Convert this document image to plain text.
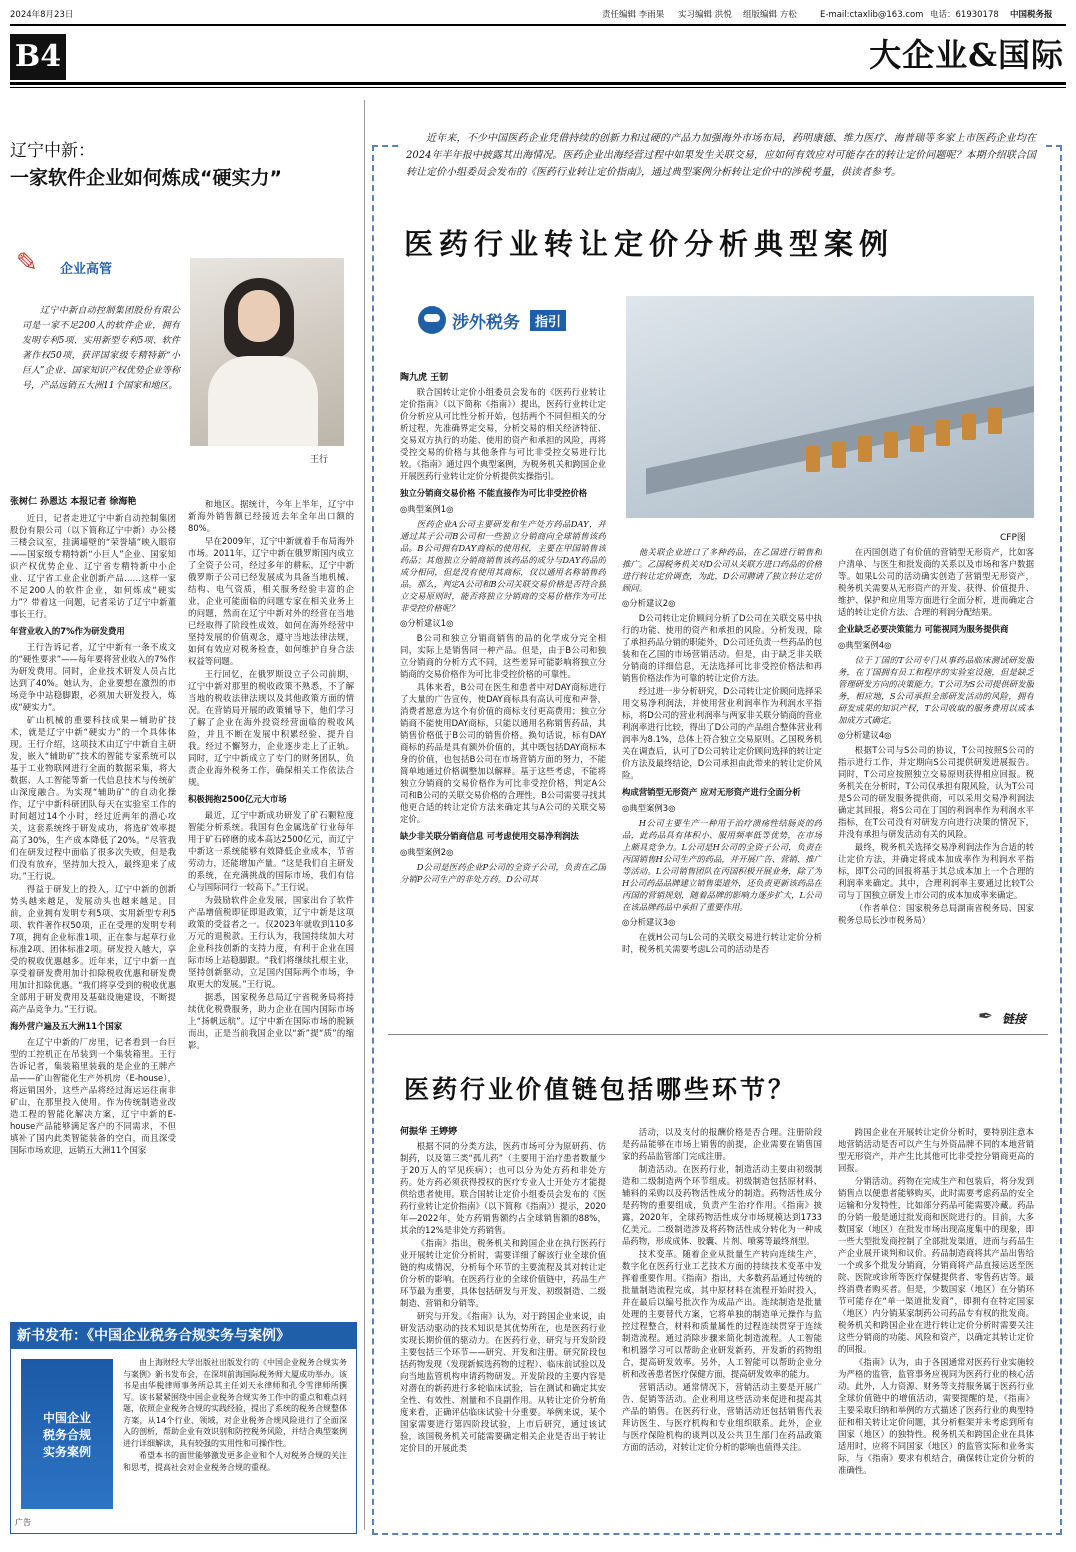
2024年8月23日	责任编辑 李雨果 实习编辑 洪悦 组版编辑 方松	E-mail:ctaxlib@163.com 电话：61930178 中国税务报
B4	大企业&国际
辽宁中新：
一家软件企业如何炼成“硬实力”
✎ 企业高管
辽宁中新自动控制集团股份有限公司是一家不足200人的软件企业，拥有发明专利5项、实用新型专利5项、软件著作权50项，获评国家级专精特新“小巨人”企业、国家知识产权优势企业等称号，产品远销五大洲11个国家和地区。
王行
张树仁 孙恩达 本报记者 徐海艳

近日，记者走进辽宁中新自动控制集团股份有限公司（以下简称辽宁中新）办公楼三楼会议室，挂满墙壁的“荣誉墙”映入眼帘——国家级专精特新“小巨人”企业、国家知识产权优势企业、辽宁省专精特新中小企业、辽宁省工业企业创新产品……这样一家不足200人的软件企业，如何炼成“硬实力”？带着这一问题，记者采访了辽宁中新董事长王行。

年营业收入的7%作为研发费用

王行告诉记者，辽宁中新有一条不成文的“硬性要求”——每年要将营业收入的7%作为研发费用。同时，企业技术研发人员占比达到了40%。她认为，企业要想在激烈的市场竞争中站稳脚跟，必须加大研发投入，炼成“硬实力”。

矿山机械的重要科技成果—辅助矿技术，就是辽宁中新“硬实力”的一个具体体现。王行介绍，这项技术由辽宁中新自主研发，嵌入“辅助矿”技术的智能专家系统可以基于工业物联网进行全面的数据采集，将大数据、人工智能等新一代信息技术与传统矿山深度融合。为实现“辅助矿”的自动化操作，辽宁中新科研团队每天在实验室工作的时间超过14个小时，经过近两年的潜心攻关，这套系统终于研发成功，将选矿效率提高了30%，生产成本降低了20%。“尽管我们在研发过程中面临了很多次失败，但是我们没有放弃，坚持加大投入，最终迎来了成功。”王行说。

得益于研发上的投入，辽宁中新的创新势头越来越足，发展动头也越来越足。目前，企业拥有发明专利5项、实用新型专利5项、软件著作权50项，正在受理的发明专利7项，拥有企业标准1项，正在参与起草行业标准2项、团体标准2项。研发投入越大，享受的税收优惠越多。近年来，辽宁中新一直享受着研发费用加计扣除税收优惠和研发费用加计扣除优惠。“我们将享受到的税收优惠全部用于研发费用及基础设施建设，不断提高产品竞争力。”王行说。

海外营户遍及五大洲11个国家

在辽宁中新的厂房里，记者看到一台巨型的工控机正在吊装到一个集装箱里。王行告诉记者，集装箱里装载的是企业的王牌产品——矿山智能化生产外机房（E-house），将远销国外，这些产品将经过海运运往南非矿山，在那里投入使用。作为传统制造业改造工程的智能化解决方案，辽宁中新的E-house产品能够满足客户的不同需求，不但填补了国内此类智能装备的空白，而且深受国际市场欢迎，远销五大洲11个国家

和地区。据统计，今年上半年，辽宁中新海外销售额已经接近去年全年出口额的80%。

早在2009年，辽宁中新就着手布局海外市场。2011年，辽宁中新在俄罗斯国内成立了全资子公司，经过多年的耕耘，辽宁中新俄罗斯子公司已经发展成为具备当地机械、结构、电气资质，相关服务经验丰富的企业，企业可能面临的问题专家在相关业务上的问题，然而在辽宁中新对外的经营在当地已经取得了阶段性成效，如何在海外经营中坚持发展的价值观念，遵守当地法律法规，如何有效应对税务检查，如何维护自身合法权益等问题。

王行回忆，在俄罗斯设立子公司前期，辽宁中新对那里的税收政策不熟悉，不了解当地的税收法律法规以及其他政策方面的情况。在营销局开展的政策辅导下，他们学习了解了企业在海外投资经营面临的税收风险，并且不断在发展中积累经验、提升自我。经过不懈努力，企业逐步走上了正轨。同时，辽宁中新成立了专门的财务团队，负责企业海外税务工作，确保相关工作依法合规。

积极拥抱2500亿元大市场

最近，辽宁中新成功研发了矿石颗粒度智能分析系统。我国有色金属选矿行业每年用于矿石碎磨的成本高达2500亿元，而辽宁中新这一系统能够有效降低企业成本，节省劳动力，还能增加产量。“这是我们自主研发的系统，在充满挑战的国际市场，我们有信心与国际同行一较高下。”王行说。

为鼓励软件企业发展，国家出台了软件产品增值税即征即退政策，辽宁中新是这项政策的受益者之一。仅2023年就收到110多万元的退税款。王行认为，我国持续加大对企业科技创新的支持力度，有利于企业在国际市场上站稳脚跟。“我们将继续扎根主业，坚持创新驱动，立足国内国际两个市场，争取更大的发展。”王行说。

据悉，国家税务总局辽宁省税务局将持续优化税费服务，助力企业在国内国际市场上“扬帆远航”。辽宁中新在国际市场的脱颖而出，正是当前我国企业以“新”提“质”的缩影。

新书发布：《中国企业税务合规实务与案例》
中国企业
税务合规
实务案例

由上海财经大学出版社出版发行的《中国企业税务合规实务与案例》新书发布会，在深圳前海国际税务师大厦成功举办。该书是由华税律师事务所总其主任刘天永律师和孔令雪律师所撰写。该书紧紧围绕中国企业税务合规实务工作中的重点和难点问题，依照企业税务合规的实践经验，提出了系统的税务合规整体方案，从14个行业、领域，对企业税务合规风险进行了全面深入的剖析，帮助企业有效识别和防控税务风险，并结合典型案例进行详细解读，具有较强的实用性和可操作性。

希望本书的面世能够激发更多企业和个人对税务合规的关注和思考，提高社会对企业税务合规的重视。

广告
近年来，不少中国医药企业凭借持续的创新力和过硬的产品力加强海外市场布局，药明康德、维力医疗、海普瑞等多家上市医药企业均在2024年半年报中披露其出海情况。医药企业出海经营过程中如果发生关联交易，应如何有效应对可能存在的转让定价问题呢？本期介绍联合国转让定价小组委员会发布的《医药行业转让定价指南》，通过典型案例分析转让定价中的涉税考量，供读者参考。
医药行业转让定价分析典型案例
涉外税务	指引
CFP图
陶九虎 王韧

联合国转让定价小组委员会发布的《医药行业转让定价指南》（以下简称《指南》）提出，医药行业转让定价分析应从可比性分析开始，包括两个不同但相关的分析过程，先准确界定交易，分析交易的相关经济特征、交易双方执行的功能、使用的资产和承担的风险，再将受控交易的价格与其他条件与可比非受控交易进行比较。《指南》通过四个典型案例，为税务机关和跨国企业开展医药行业转让定价分析提供实操指引。

独立分销商交易价格 不能直接作为可比非受控价格

◎典型案例1◎

医药企业A公司主要研发和生产处方药品DAY，并通过其子公司B公司和一些独立分销商向全球销售该药品。B公司拥有DAY商标的使用权，主要在甲国销售该药品；其他独立分销商销售该药品的成分与DAY药品的成分相同，但是没有使用其商标，仅以通用名称销售药品。那么，判定A公司和B公司关联交易价格是否符合独立交易原则时，能否将独立分销商的交易价格作为可比非受控价格呢？

◎分析建议1◎

B公司和独立分销商销售的品的化学成分完全相同，实际上是销售同一种产品。但是，由于B公司和独立分销商的分析方式不同，这些差异可能影响将独立分销商的交易价格作为可比非受控价格的可靠性。

具体来看，B公司在医生和患者中对DAY商标进行了大量的广告宣传，使DAY商标具有高认可度和声誉，消费者愿意为这个有价值的商标支付更高费用；独立分销商不能使用DAY商标，只能以通用名称销售药品，其销售价格低于B公司的销售价格。换句话说，标有DAY商标的药品是具有额外价值的，其中既包括DAY商标本身的价值，也包括B公司在市场营销方面的努力，不能简单地通过价格调整加以解释。基于这些考虑，不能将独立分销商的交易价格作为可比非受控价格，判定A公司和B公司的关联交易价格的合理性，B公司需要寻找其他更合适的转让定价方法来确定其与A公司的关联交易定价。

缺少非关联分销商信息 可考虑使用交易净利润法

◎典型案例2◎

D公司是医药企业P公司的全资子公司，负责在乙国分销P公司生产的非处方药。D公司其

他关联企业进口了多种药品，在乙国进行销售和推广。乙国税务机关对D公司从关联方进口药品的价格进行转让定价调查，为此，D公司聘请了独立转让定价顾问。

◎分析建议2◎

D公司转让定价顾问分析了D公司在关联交易中执行的功能、使用的资产和承担的风险。分析发现，除了承担药品分销的职能外，D公司还负责一些药品的包装和在乙国的市场营销活动。但是，由于缺乏非关联分销商的详细信息，无法选择可比非受控价格法和再销售价格法作为可靠的转让定价方法。

经过进一步分析研究，D公司转让定价顾问选择采用交易净利润法，并使用营业利润率作为利润水平指标，将D公司的营业利润率与两家非关联分销商的营业利润率进行比较，得出了D公司的产品组合整体营业利润率为8.1%，总体上符合独立交易原则。乙国税务机关在调查后，认可了D公司转让定价顾问选择的转让定价方法及最终结论，D公司承担由此带来的转让定价风险。

构成营销型无形资产 应对无形资产进行全面分析

◎典型案例3◎

H公司主要生产一种用于治疗溃疡性结肠炎的药品，此药品具有体积小、服用频率低等优势，在市场上颇具竞争力。L公司是H公司的全资子公司，负责在丙国销售H公司生产的药品，并开展广告、营销、推广等活动。L公司销售团队在丙国积极开展业务，除了为H公司药品品牌建立销售渠道外，还负责更新该药品在丙国的营销规划，随着品牌的影响力逐步扩大，L公司在该品牌药品中承担了重要作用。

◎分析建议3◎

在就H公司与L公司的关联交易进行转让定价分析时，税务机关需要考虑L公司的活动是否

在丙国创造了有价值的营销型无形资产，比如客户清单、与医生和批发商的关系以及市场和客户数据等。如果L公司的活动确实创造了营销型无形资产，税务机关需要从无形资产的开发、获得、价值提升、维护、保护和应用等方面进行全面分析，进而确定合适的转让定价方法、合理的利润分配结果。

企业缺乏必要决策能力 可能视同为服务提供商

◎典型案例4◎

位于丁国的T公司专门从事药品临床测试研发服务，在丁国拥有员工和程序的实验室设施，但是缺乏管理研发方向的决策能力。T公司为S公司提供研发服务，相应地，S公司承担全部研发活动的风险，拥有研发成果的知识产权，T公司收取的服务费用以成本加成方式确定。

◎分析建议4◎

根据T公司与S公司的协议，T公司按照S公司的指示进行工作，并定期向S公司提供研发进展报告。同时，T公司应按照独立交易原则获得相应回报。税务机关在分析时，T公司仅承担有限风险，认为T公司是S公司的研发服务提供商，可以采用交易净利润法确定其回报，将S公司在丁国的利润率作为利润水平指标，在T公司没有对研发方向进行决策的情况下，并没有承担与研发活动有关的风险。

最终，税务机关选择交易净利润法作为合适的转让定价方法，并确定将成本加成率作为利润水平指标，即T公司的回报将基于其总成本加上一个合理的利润率来确定。其中，合理利润率主要通过比较T公司与丁国独立研发上市公司的成本加成率来确定。

（作者单位：国家税务总局湖南省税务局、国家税务总局长沙市税务局）

✒ 链接
医药行业价值链包括哪些环节？
何振华 王婷婷

根据不同的分类方法，医药市场可分为原研药、仿制药，以及第三类“孤儿药”（主要用于治疗患者数量少于20万人的罕见疾病）；也可以分为处方药和非处方药。处方药必须获得授权的医疗专业人士开处方才能提供给患者使用。联合国转让定价小组委员会发布的《医药行业转让定价指南》（以下简称《指南》）提示，2020年—2022年，处方药销售额约占全球销售额的88%，其余的12%是非处方药销售。

《指南》指出，税务机关和跨国企业在执行医药行业开展转让定价分析时，需要详细了解该行业全球价值链的构成情况，分析每个环节的主要流程及其对转让定价分析的影响。在医药行业的全球价值链中，药品生产环节最为重要，具体包括研发与开发、初级制造、二级制造、营销和分销等。

研究与开发。《指南》认为，对于跨国企业来说，由研发活动驱动的技术知识是其优势所在，也是医药行业实现长期价值的驱动力。在医药行业，研究与开发阶段主要包括三个环节——研究、开发和注册。研究阶段包括药物发现（发现新候选药物的过程）、临床前试验以及向当地监管机构申请药物研发。开发阶段的主要内容是对潜在的新药进行多轮临床试验，旨在测试和确定其安全性、有效性、剂量和不良副作用。从转让定价分析角度来看，正确评估临床试验十分重要。举例来说，某个国家需要进行第四阶段试验，上市后研究，通过该试验，该国税务机关可能需要确定相关企业是否出于转让定价目的开展此类

活动，以及支付的报酬价格是否合理。注册阶段是药品能够在市场上销售的前提，企业需要在销售国家的药品监管部门完成注册。

制造活动。在医药行业，制造活动主要由初级制造和二级制造两个环节组成。初级制造包括原材料、辅料的采购以及药物活性成分的制造。药物活性成分是药物的重要组成，负责产生治疗作用。《指南》披露，2020年，全球药物活性成分市场规模达到1733亿美元。二级制造涉及将药物活性成分转化为一种成品药物，形成成体、胶囊、片剂、喷雾等最终剂型。

技术变革。随着企业从批量生产转向连续生产，数字化在医药行业工艺技术方面的持续技术变革中发挥着重要作用。《指南》指出，大多数药品通过传统的批量制造流程完成，其中原材料在流程开始时投入，并在最后以编号批次作为成品产出。连续制造是批量处理的主要替代方案，它将单独的制造单元操作与监控过程整合，材料和质量属性的过程连续贯穿于连续制造流程。通过消除步骤来简化制造流程。人工智能和机器学习可以帮助企业研发新药，开发新的药物组合，提高研发效率。另外，人工智能可以帮助企业分析和改善患者医疗保健方面，提高研发效率的能力。

营销活动。通常情况下，营销活动主要是开展广告、促销等活动。企业利用这些活动来促进和提高其产品的销售。在医药行业，营销活动还包括销售代表拜访医生、与医疗机构和专业组织联系。此外，企业与医疗保险机构的谈判以及公共卫生部门在药品政策方面的活动，对转让定价分析的影响也值得关注。

跨国企业在开展转让定价分析时，要特别注意本地营销活动是否可以产生与外资品牌不同的本地营销型无形资产，并产生比其他可比非受控分销商更高的回报。

分销活动。药物在完成生产和包装后，将分发到销售点以便患者能够购买，此时需要考虑药品的安全运输和分发特性，比如部分药品可能需要冷藏。药品的分销一般是通过批发商和医院进行的。目前，大多数国家（地区）在批发市场出现高度集中的现象，即一些大型批发商控制了全部批发渠道，进而与药品生产企业展开谈判和议价。药品制造商将其产品出售给一个或多个批发分销商，分销商将产品直接运送至医院、医院或诊所等医疗保健提供者、零售药店等。最终消费者购买者。但是，少数国家（地区）在分销环节可能存在“单一渠道批发商”，即拥有在特定国家（地区）内分销某家制药公司药品专有权的批发商。税务机关和跨国企业在进行转让定价分析时需要关注这些分销商的功能、风险和资产，以确定其转让定价的回报。

《指南》认为，由于各国通常对医药行业实施较为严格的监管，监管事务应视同为医药行业的核心活动。此外，人力资源、财务等支持服务属于医药行业全球价值链中的增值活动，需要提醒的是，《指南》主要采取归纳和举例的方式描述了医药行业的典型特征和相关转让定价问题，其分析框架并未考虑到所有国家（地区）的独特性。税务机关和跨国企业在具体适用时，应将不同国家（地区）的监管实际和业务实际，与《指南》要求有机结合，确保转让定价分析的准确性。
